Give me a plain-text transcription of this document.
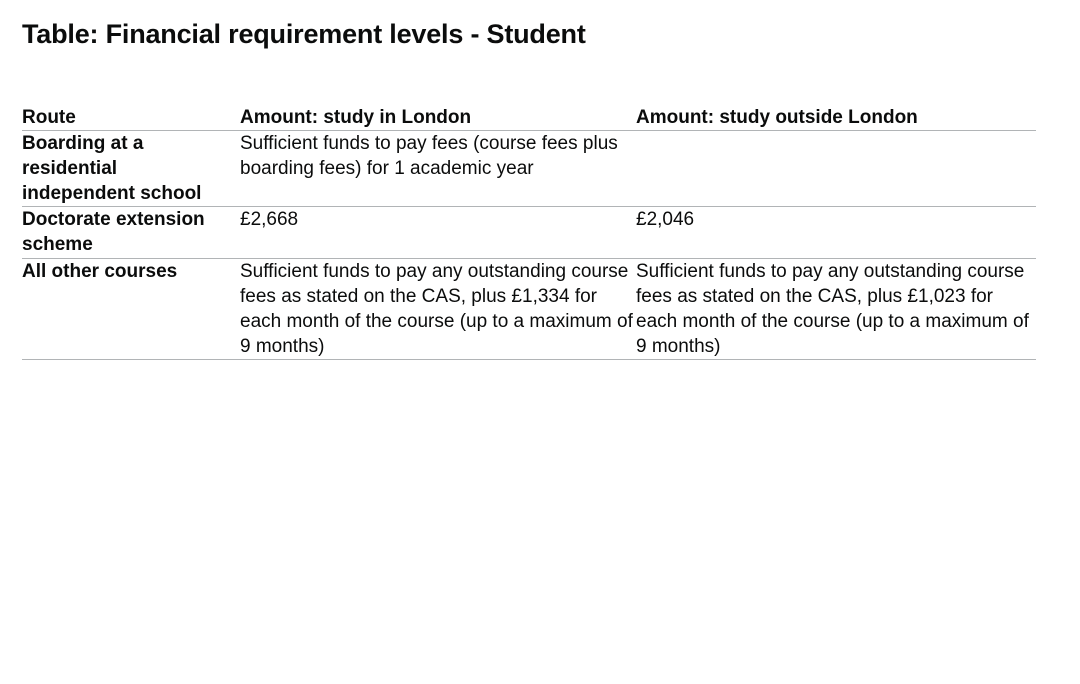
Table: Financial requirement levels - Student
Route	Amount: study in London	Amount: study outside London
Boarding at a residential independent school	Sufficient funds to pay fees (course fees plus boarding fees) for 1 academic year	
Doctorate extension scheme	£2,668	£2,046
All other courses	Sufficient funds to pay any outstanding course fees as stated on the CAS, plus £1,334 for each month of the course (up to a maximum of 9 months)	Sufficient funds to pay any outstanding course fees as stated on the CAS, plus £1,023 for each month of the course (up to a maximum of 9 months)
